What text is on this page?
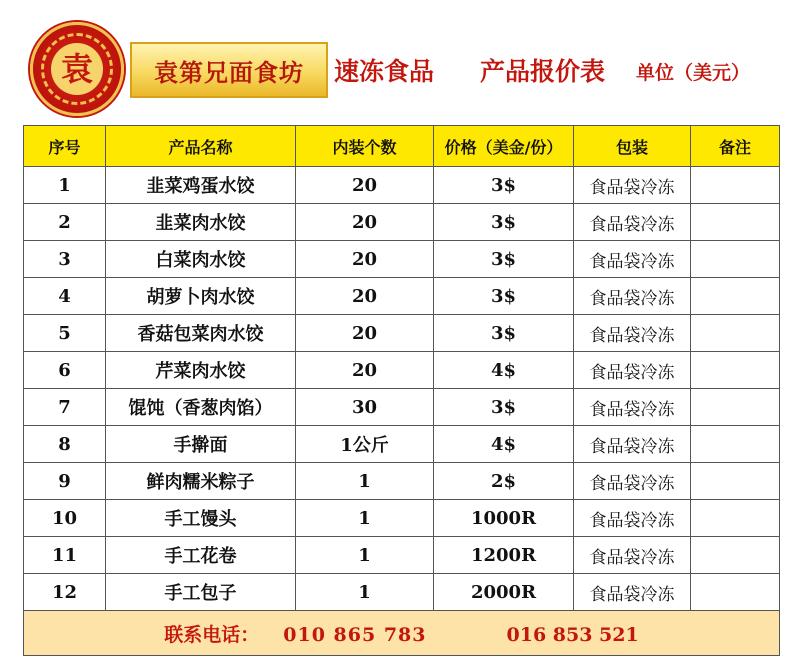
袁	袁第兄面食坊	速冻食品 产品报价表 单位（美元）
序号	产品名称	内装个数	价格（美金/份）	包装	备注
1	韭菜鸡蛋水饺	20	3$	食品袋冷冻	
2	韭菜肉水饺	20	3$	食品袋冷冻	
3	白菜肉水饺	20	3$	食品袋冷冻	
4	胡萝卜肉水饺	20	3$	食品袋冷冻	
5	香菇包菜肉水饺	20	3$	食品袋冷冻	
6	芹菜肉水饺	20	4$	食品袋冷冻	
7	馄饨（香葱肉馅）	30	3$	食品袋冷冻	
8	手擀面	1公斤	4$	食品袋冷冻	
9	鲜肉糯米粽子	1	2$	食品袋冷冻	
10	手工馒头	1	1000R	食品袋冷冻	
11	手工花卷	1	1200R	食品袋冷冻	
12	手工包子	1	2000R	食品袋冷冻	
联系电话： 010 865 783 016 853 521					
